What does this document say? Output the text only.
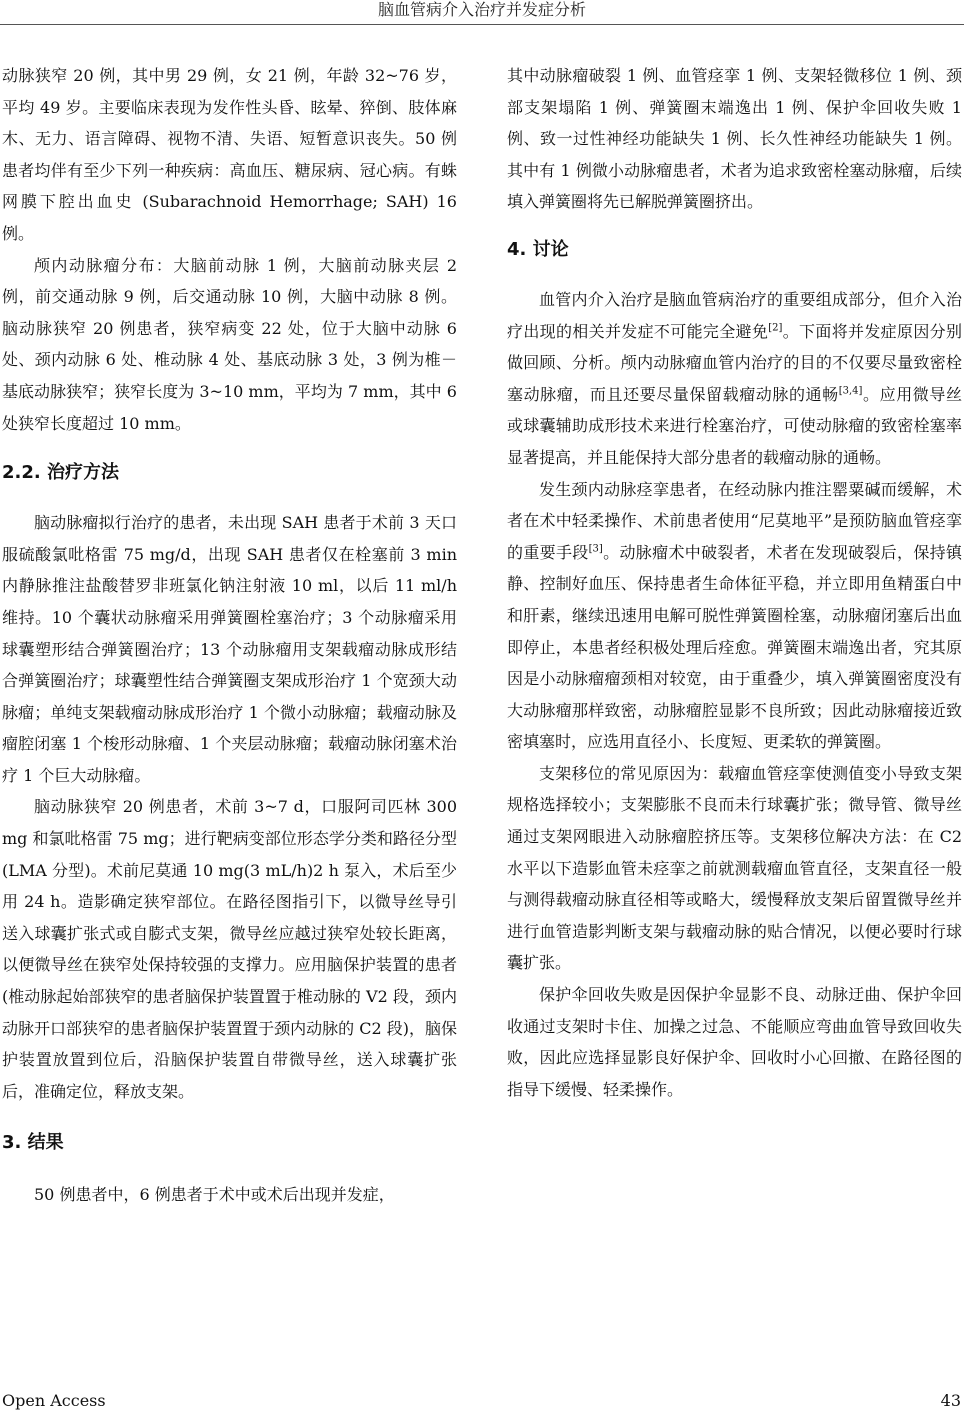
脑血管病介入治疗并发症分析

动脉狭窄 20 例，其中男 29 例，女 21 例，年龄 32~76 岁，平均 49 岁。主要临床表现为发作性头昏、眩晕、猝倒、肢体麻木、无力、语言障碍、视物不清、失语、短暂意识丧失。50 例患者均伴有至少下列一种疾病：高血压、糖尿病、冠心病。有蛛网膜下腔出血史 (Subarachnoid Hemorrhage; SAH) 16 例。

颅内动脉瘤分布：大脑前动脉 1 例，大脑前动脉夹层 2 例，前交通动脉 9 例，后交通动脉 10 例，大脑中动脉 8 例。脑动脉狭窄 20 例患者，狭窄病变 22 处，位于大脑中动脉 6 处、颈内动脉 6 处、椎动脉 4 处、基底动脉 3 处，3 例为椎－基底动脉狭窄；狭窄长度为 3~10 mm，平均为 7 mm，其中 6 处狭窄长度超过 10 mm。

2.2. 治疗方法

脑动脉瘤拟行治疗的患者，未出现 SAH 患者于术前 3 天口服硫酸氯吡格雷 75 mg/d，出现 SAH 患者仅在栓塞前 3 min 内静脉推注盐酸替罗非班氯化钠注射液 10 ml，以后 11 ml/h 维持。10 个囊状动脉瘤采用弹簧圈栓塞治疗；3 个动脉瘤采用球囊塑形结合弹簧圈治疗；13 个动脉瘤用支架载瘤动脉成形结合弹簧圈治疗；球囊塑性结合弹簧圈支架成形治疗 1 个宽颈大动脉瘤；单纯支架载瘤动脉成形治疗 1 个微小动脉瘤；载瘤动脉及瘤腔闭塞 1 个梭形动脉瘤、1 个夹层动脉瘤；载瘤动脉闭塞术治疗 1 个巨大动脉瘤。

脑动脉狭窄 20 例患者，术前 3~7 d，口服阿司匹林 300 mg 和氯吡格雷 75 mg；进行靶病变部位形态学分类和路径分型(LMA 分型)。术前尼莫通 10 mg(3 mL/h)2 h 泵入，术后至少用 24 h。造影确定狭窄部位。在路径图指引下，以微导丝导引送入球囊扩张式或自膨式支架，微导丝应越过狭窄处较长距离，以便微导丝在狭窄处保持较强的支撑力。应用脑保护装置的患者(椎动脉起始部狭窄的患者脑保护装置置于椎动脉的 V2 段，颈内动脉开口部狭窄的患者脑保护装置置于颈内动脉的 C2 段)，脑保护装置放置到位后，沿脑保护装置自带微导丝，送入球囊扩张后，准确定位，释放支架。

3. 结果

50 例患者中，6 例患者于术中或术后出现并发症，

其中动脉瘤破裂 1 例、血管痉挛 1 例、支架轻微移位 1 例、颈部支架塌陷 1 例、弹簧圈末端逸出 1 例、保护伞回收失败 1 例、致一过性神经功能缺失 1 例、长久性神经功能缺失 1 例。其中有 1 例微小动脉瘤患者，术者为追求致密栓塞动脉瘤，后续填入弹簧圈将先已解脱弹簧圈挤出。

4. 讨论

血管内介入治疗是脑血管病治疗的重要组成部分，但介入治疗出现的相关并发症不可能完全避免[2]。下面将并发症原因分别做回顾、分析。颅内动脉瘤血管内治疗的目的不仅要尽量致密栓塞动脉瘤，而且还要尽量保留载瘤动脉的通畅[3,4]。应用微导丝或球囊辅助成形技术来进行栓塞治疗，可使动脉瘤的致密栓塞率显著提高，并且能保持大部分患者的载瘤动脉的通畅。

发生颈内动脉痉挛患者，在经动脉内推注罂粟碱而缓解，术者在术中轻柔操作、术前患者使用“尼莫地平”是预防脑血管痉挛的重要手段[3]。动脉瘤术中破裂者，术者在发现破裂后，保持镇静、控制好血压、保持患者生命体征平稳，并立即用鱼精蛋白中和肝素，继续迅速用电解可脱性弹簧圈栓塞，动脉瘤闭塞后出血即停止，本患者经积极处理后痊愈。弹簧圈末端逸出者，究其原因是小动脉瘤瘤颈相对较宽，由于重叠少，填入弹簧圈密度没有大动脉瘤那样致密，动脉瘤腔显影不良所致；因此动脉瘤接近致密填塞时，应选用直径小、长度短、更柔软的弹簧圈。

支架移位的常见原因为：载瘤血管痉挛使测值变小导致支架规格选择较小；支架膨胀不良而未行球囊扩张；微导管、微导丝通过支架网眼进入动脉瘤腔挤压等。支架移位解决方法：在 C2 水平以下造影血管未痉挛之前就测载瘤血管直径，支架直径一般与测得载瘤动脉直径相等或略大，缓慢释放支架后留置微导丝并进行血管造影判断支架与载瘤动脉的贴合情况，以便必要时行球囊扩张。

保护伞回收失败是因保护伞显影不良、动脉迂曲、保护伞回收通过支架时卡住、加操之过急、不能顺应弯曲血管导致回收失败，因此应选择显影良好保护伞、回收时小心回撤、在路径图的指导下缓慢、轻柔操作。

Open Access	43
